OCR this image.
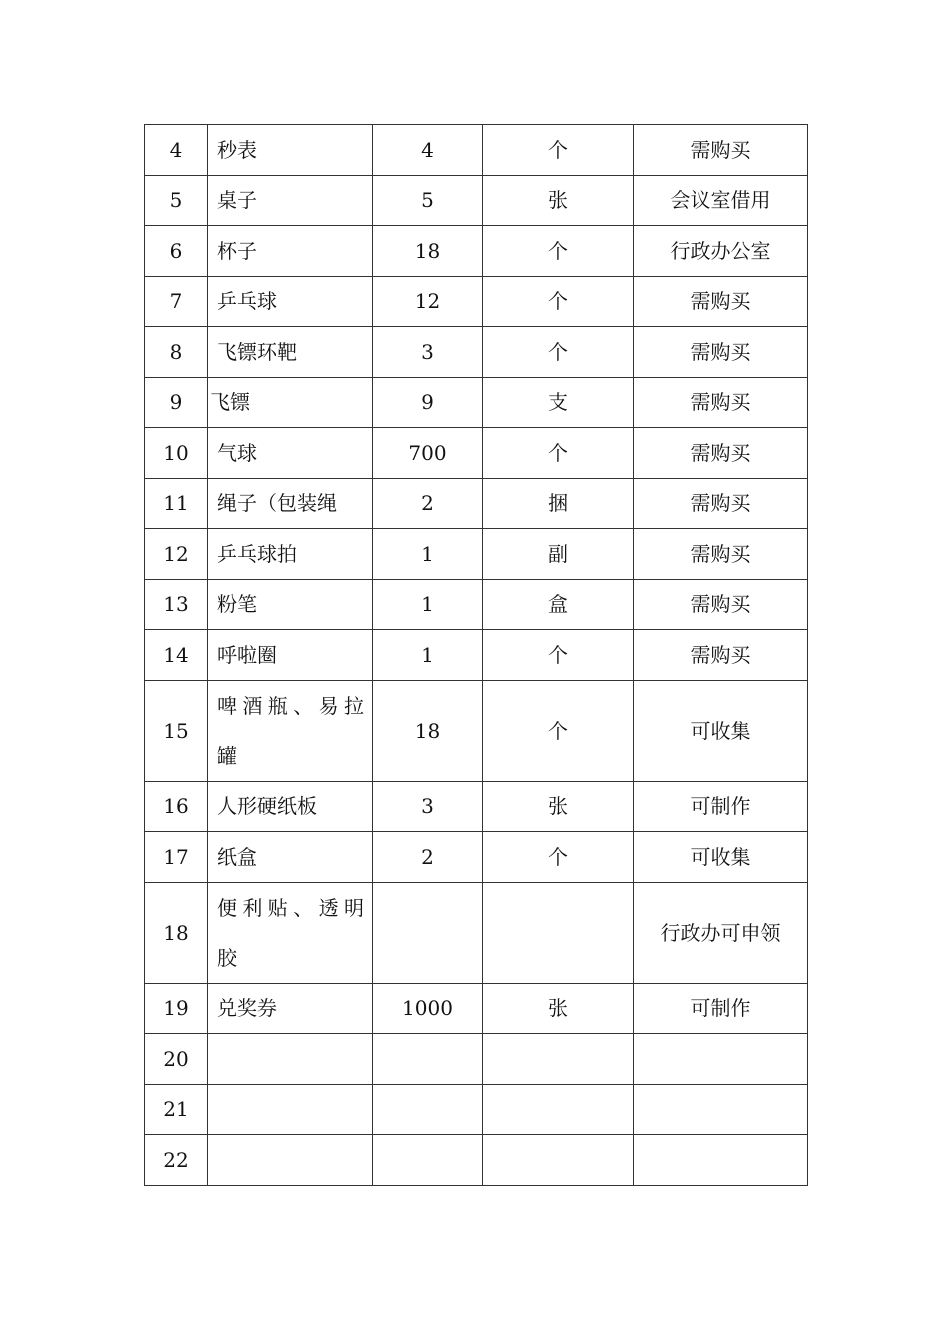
4	秒表	4	个	需购买
5	桌子	5	张	会议室借用
6	杯子	18	个	行政办公室
7	乒乓球	12	个	需购买
8	飞镖环靶	3	个	需购买
9	飞镖	9	支	需购买
10	气球	700	个	需购买
11	绳子（包装绳	2	捆	需购买
12	乒乓球拍	1	副	需购买
13	粉笔	1	盒	需购买
14	呼啦圈	1	个	需购买
15	啤酒瓶、易拉罐	18	个	可收集
16	人形硬纸板	3	张	可制作
17	纸盒	2	个	可收集
18	便利贴、透明胶			行政办可申领
19	兑奖券	1000	张	可制作
20				
21				
22				
